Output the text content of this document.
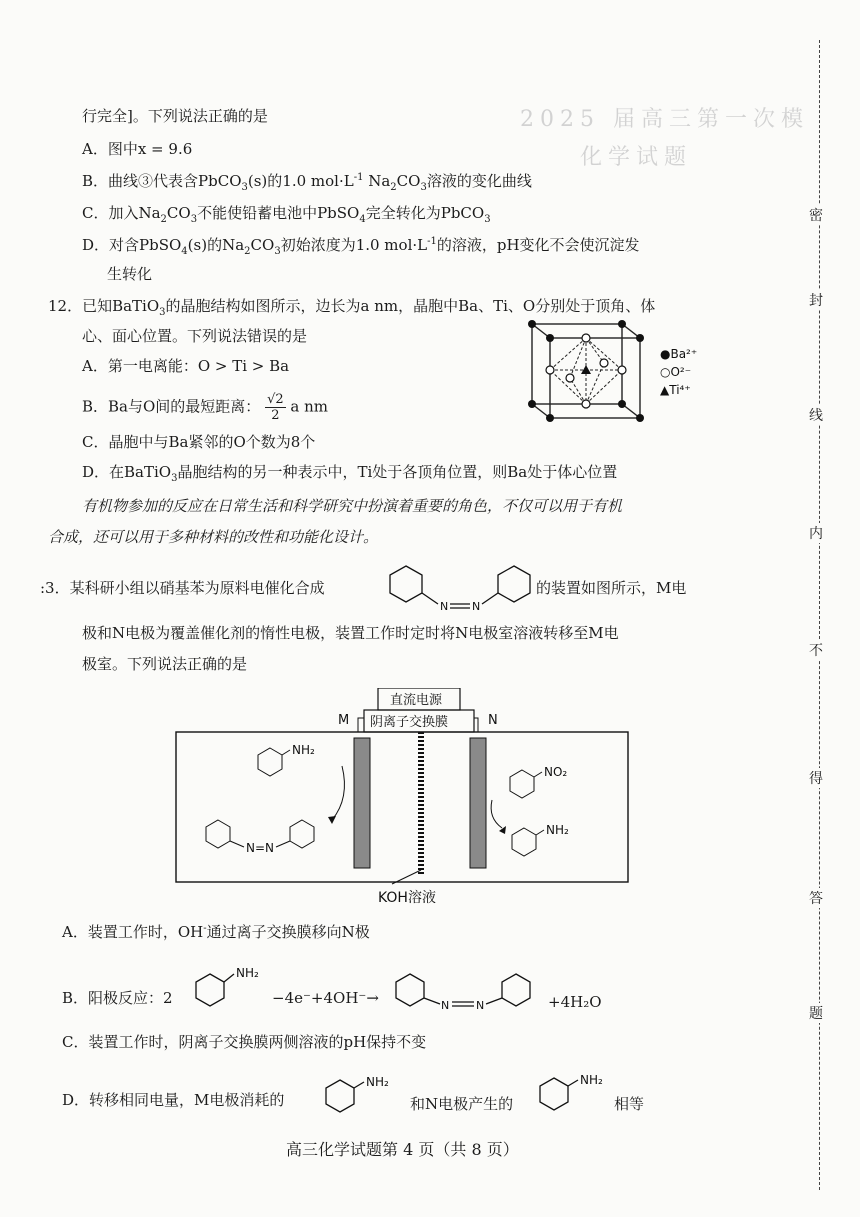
2025 届高三第一次模
化学试题
行完全]。下列说法正确的是
A．图中x = 9.6
B．曲线③代表含PbCO$_3$(s)的1.0 $mol\cdot L^{-1}$ $Na_2CO_3$溶液的变化曲线
C．加入$Na_2CO_3$不能使铅蓄电池中PbSO$_4$完全转化为PbCO$_3$
D．对含PbSO$_4$(s)的$Na_2CO_3$初始浓度为1.0 $mol\cdot L^{-1}$的溶液，pH变化不会使沉淀发
生转化
12．已知BaTiO$_3$的晶胞结构如图所示，边长为a nm，晶胞中Ba、Ti、O分别处于顶角、体
心、面心位置。下列说法错误的是
A．第一电离能：O > Ti > Ba
B．Ba与O间的最短距离： $\frac{√2}{2}$ a nm
C．晶胞中与Ba紧邻的O个数为8个
D．在BaTiO$_3$晶胞结构的另一种表示中，Ti处于各顶角位置，则Ba处于体心位置
●Ba²⁺
○O²⁻
▲Ti⁴⁺
有机物参加的反应在日常生活和科学研究中扮演着重要的角色，不仅可以用于有机
合成，还可以用于多种材料的改性和功能化设计。
:3．某科研小组以硝基苯为原料电催化合成
N N
的装置如图所示，M电
极和N电极为覆盖催化剂的惰性电极，装置工作时定时将N电极室溶液转移至M电
极室。下列说法正确的是
直流电源
阴离子交换膜
M	N
KOH溶液
NH₂
N=N
NO₂
NH₂
A．装置工作时，OH-通过离子交换膜移向N极
B．阳极反应：2
NH₂
−4e⁻+4OH⁻→	N N	+4H₂O
C．装置工作时，阴离子交换膜两侧溶液的pH保持不变
D．转移相同电量，M电极消耗的
NH₂
和N电极产生的
NH₂
相等
高三化学试题第 4 页（共 8 页）
密
封
线
内
不
得
答
题
